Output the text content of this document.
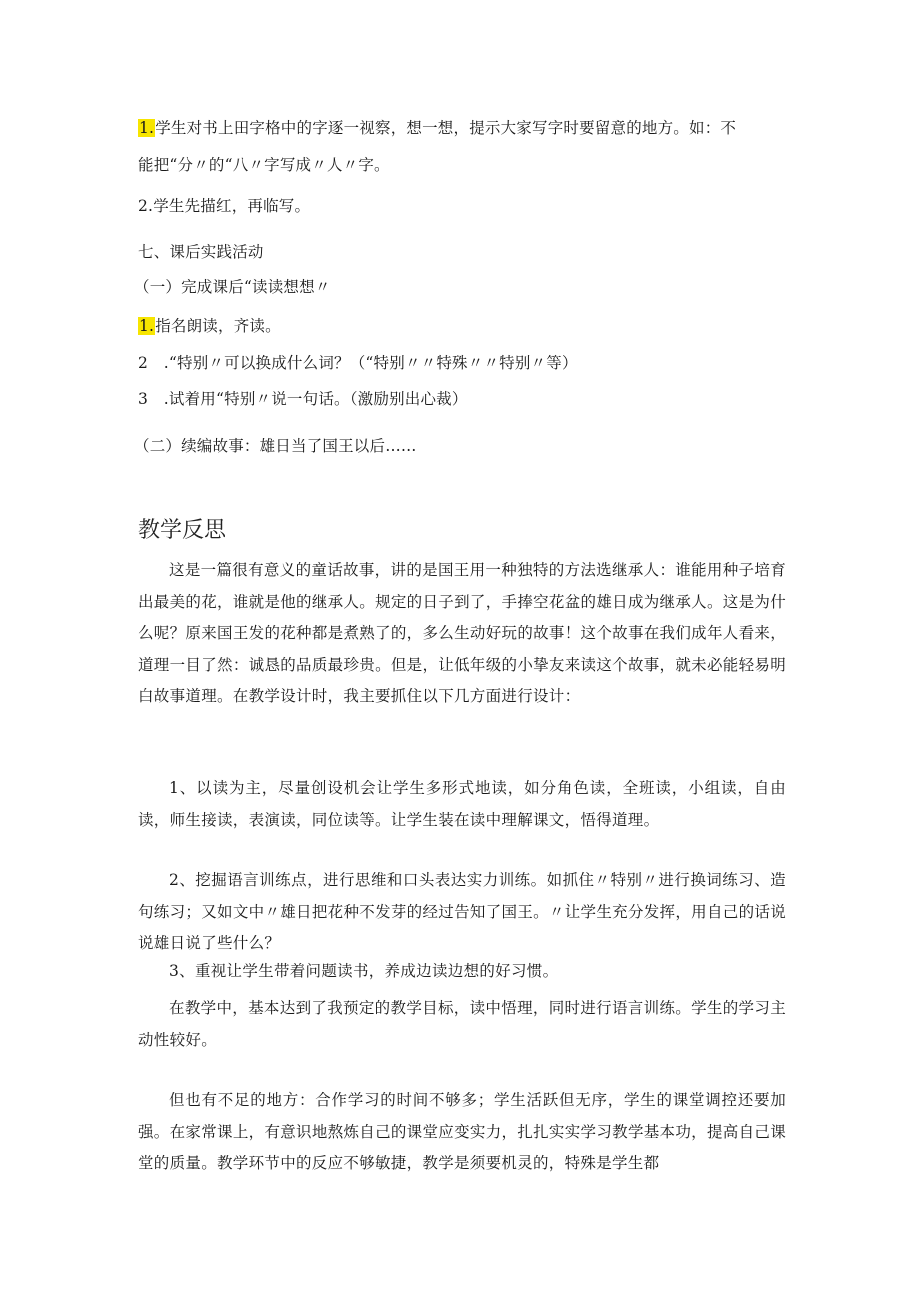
1.学生对书上田字格中的字逐一视察，想一想，提示大家写字时要留意的地方。如：不
能把“分〃的“八〃字写成〃人〃字。
2.学生先描红，再临写。
七、课后实践活动
（一）完成课后“读读想想〃
1.指名朗读，齐读。
2　.“特别〃可以换成什么词？（“特别〃〃特殊〃〃特别〃等）
3　.试着用“特别〃说一句话。（激励别出心裁）
（二）续编故事：雄日当了国王以后……
教学反思
这是一篇很有意义的童话故事，讲的是国王用一种独特的方法选继承人：谁能用种子培育出最美的花，谁就是他的继承人。规定的日子到了，手捧空花盆的雄日成为继承人。这是为什么呢？原来国王发的花种都是煮熟了的，多么生动好玩的故事！这个故事在我们成年人看来，道理一目了然：诚恳的品质最珍贵。但是，让低年级的小挚友来读这个故事，就未必能轻易明白故事道理。在教学设计时，我主要抓住以下几方面进行设计：
1、以读为主，尽量创设机会让学生多形式地读，如分角色读，全班读，小组读，自由读，师生接读，表演读，同位读等。让学生装在读中理解课文，悟得道理。
2、挖掘语言训练点，进行思维和口头表达实力训练。如抓住〃特别〃进行换词练习、造句练习；又如文中〃雄日把花种不发芽的经过告知了国王。〃让学生充分发挥，用自己的话说说雄日说了些什么？
3、重视让学生带着问题读书，养成边读边想的好习惯。
在教学中，基本达到了我预定的教学目标，读中悟理，同时进行语言训练。学生的学习主动性较好。
但也有不足的地方：合作学习的时间不够多；学生活跃但无序，学生的课堂调控还要加强。在家常课上，有意识地熬炼自己的课堂应变实力，扎扎实实学习教学基本功，提高自己课堂的质量。教学环节中的反应不够敏捷，教学是须要机灵的，特殊是学生都
